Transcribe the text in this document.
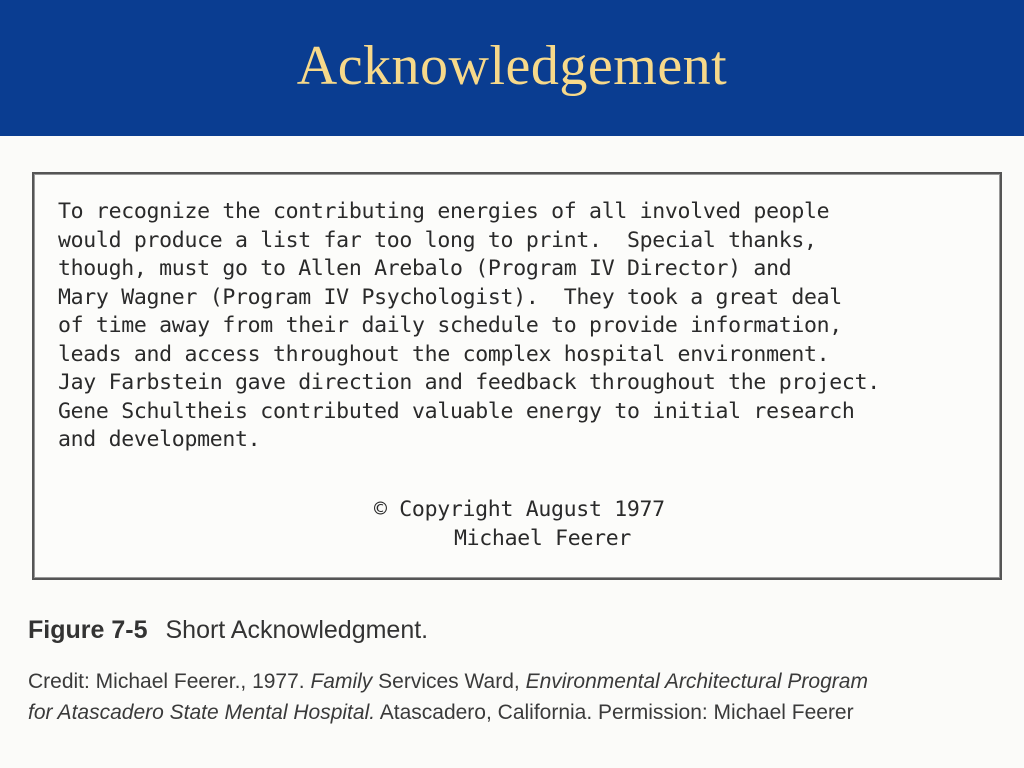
Acknowledgement
To recognize the contributing energies of all involved people
would produce a list far too long to print.  Special thanks,
though, must go to Allen Arebalo (Program IV Director) and
Mary Wagner (Program IV Psychologist).  They took a great deal
of time away from their daily schedule to provide information,
leads and access throughout the complex hospital environment.
Jay Farbstein gave direction and feedback throughout the project.
Gene Schultheis contributed valuable energy to initial research
and development.
© Copyright August 1977
Michael Feerer
Figure 7-5 Short Acknowledgment.
Credit: Michael Feerer., 1977. Family Services Ward, Environmental Architectural Program
for Atascadero State Mental Hospital. Atascadero, California. Permission: Michael Feerer
